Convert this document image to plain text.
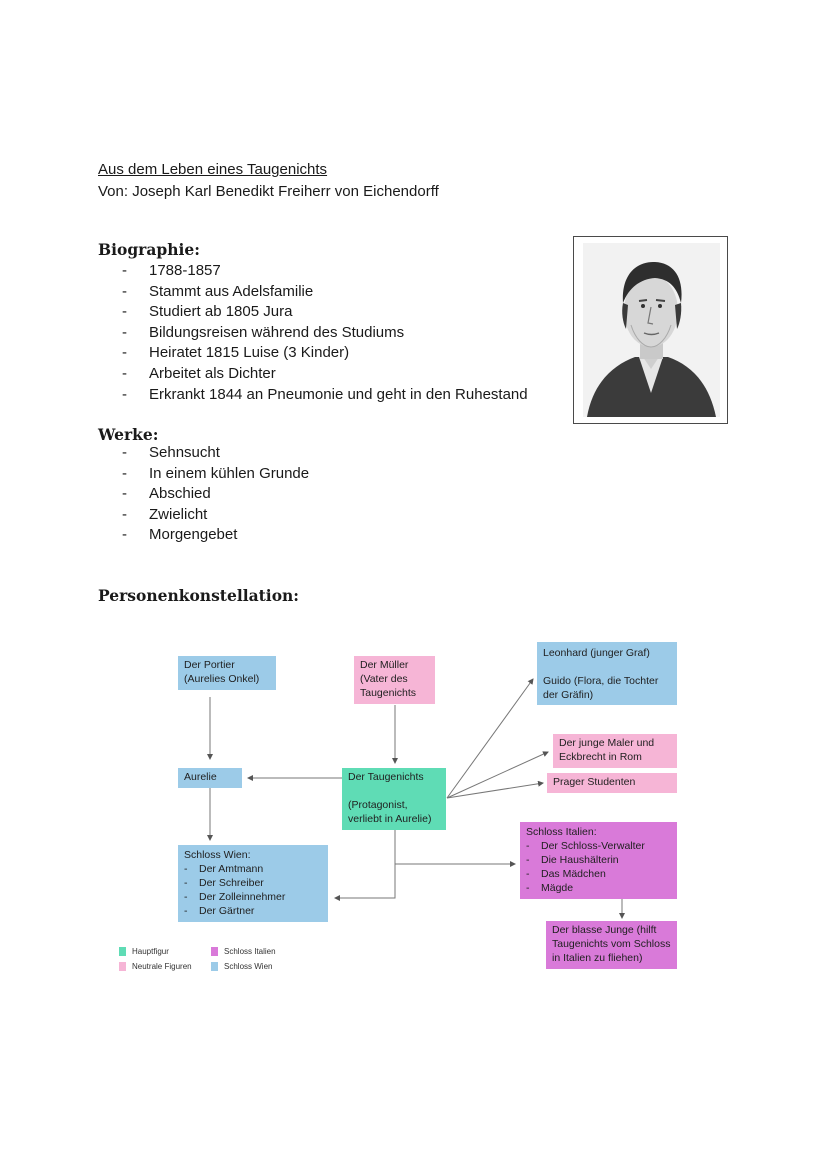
Aus dem Leben eines Taugenichts
Von: Joseph Karl Benedikt Freiherr von Eichendorff
Biographie:
- 1788-1857
- Stammt aus Adelsfamilie
- Studiert ab 1805 Jura
- Bildungsreisen während des Studiums
- Heiratet 1815 Luise (3 Kinder)
- Arbeitet als Dichter
- Erkrankt 1844 an Pneumonie und geht in den Ruhestand
Werke:
- Sehnsucht
- In einem kühlen Grunde
- Abschied
- Zwielicht
- Morgengebet
Personenkonstellation:
Der Portier
(Aurelies Onkel)
Der Müller
(Vater des
Taugenichts
Leonhard (junger Graf)
Guido (Flora, die Tochter
der Gräfin)
Der junge Maler und
Eckbrecht in Rom
Prager Studenten
Aurelie	Der Taugenichts
(Protagonist,
verliebt in Aurelie)
Schloss Wien:
- Der Amtmann
- Der Schreiber
- Der Zolleinnehmer
- Der Gärtner
Schloss Italien:
- Der Schloss-Verwalter
- Die Haushälterin
- Das Mädchen
- Mägde
Der blasse Junge (hilft
Taugenichts vom Schloss
in Italien zu fliehen)
Hauptfigur
Neutrale Figuren
Schloss Italien
Schloss Wien
